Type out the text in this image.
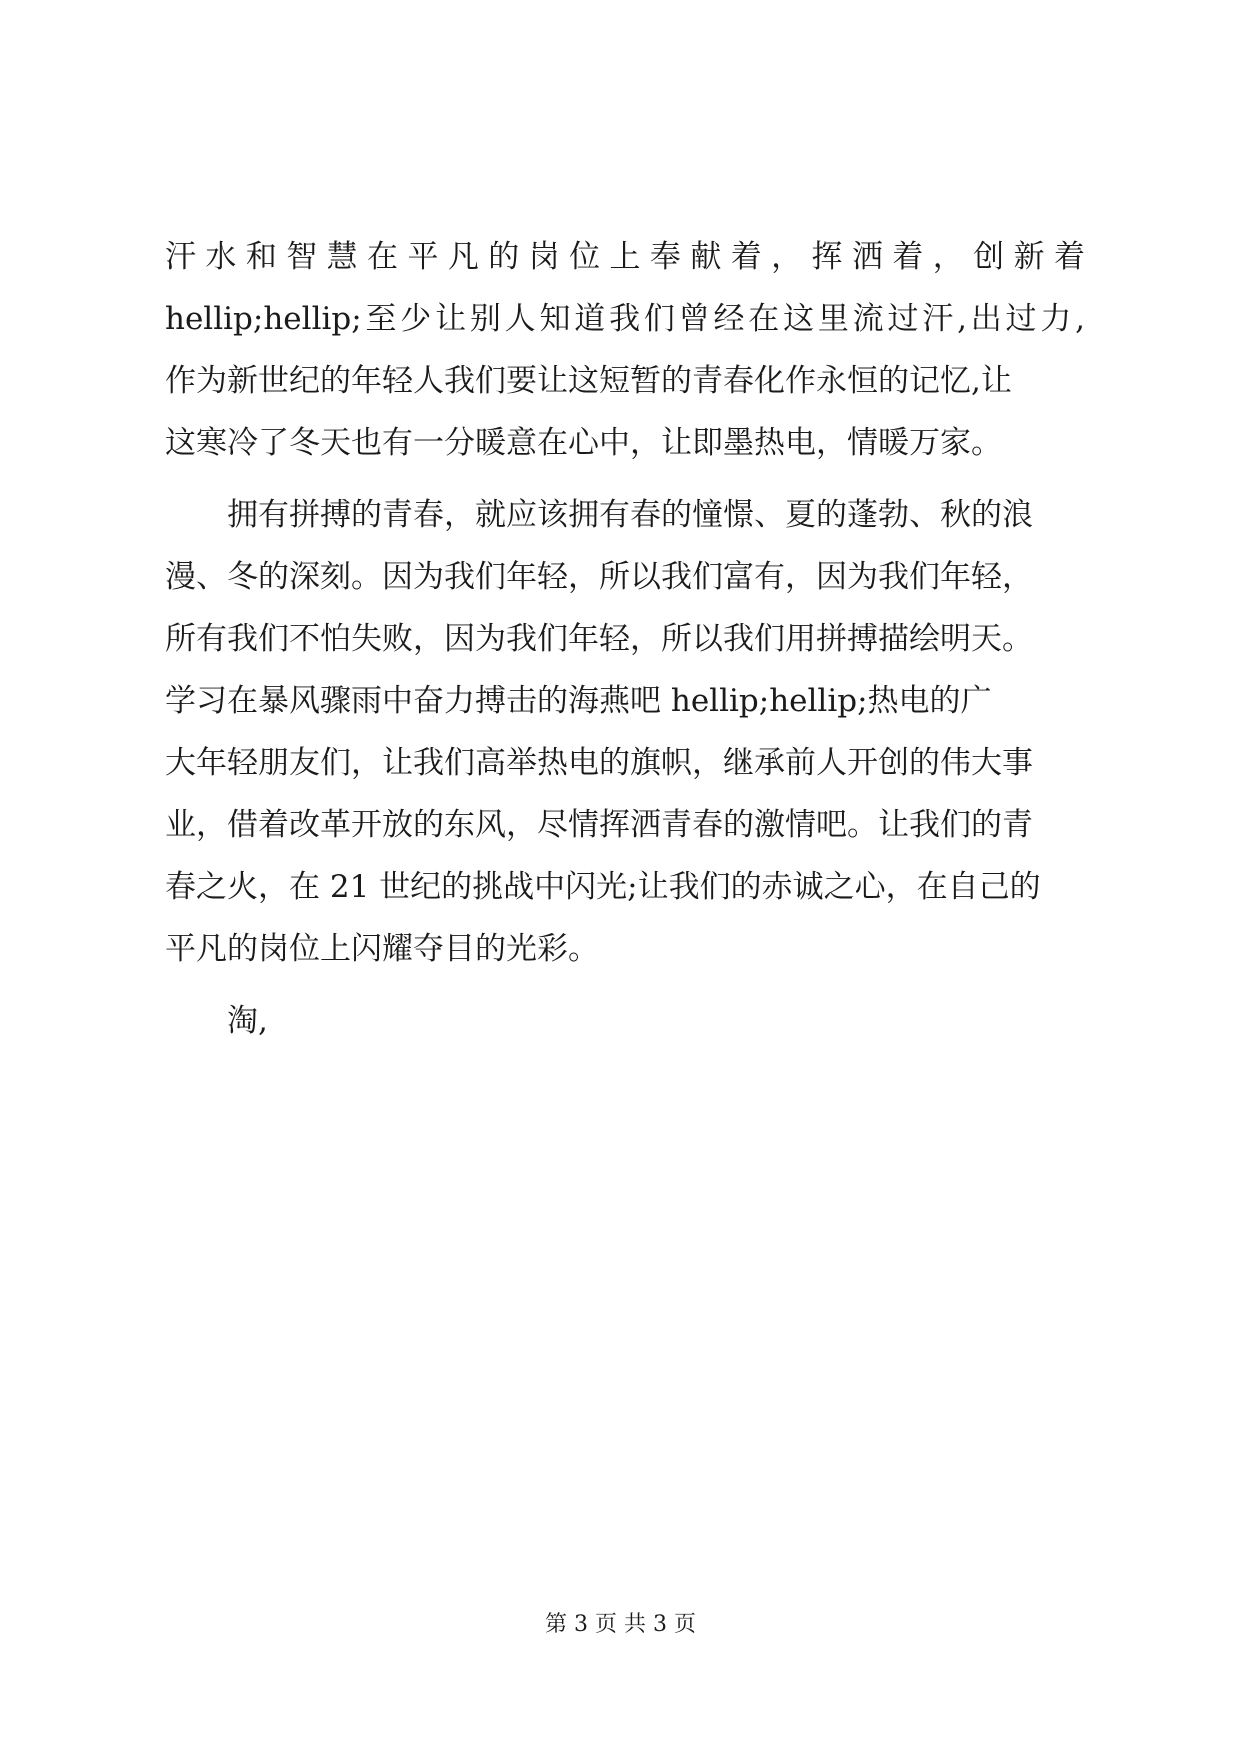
汗水和智慧在平凡的岗位上奉献着，挥洒着，创新着
hellip;hellip;至少让别人知道我们曾经在这里流过汗,出过力,
作为新世纪的年轻人我们要让这短暂的青春化作永恒的记忆,让
这寒冷了冬天也有一分暖意在心中，让即墨热电，情暖万家。
拥有拼搏的青春，就应该拥有春的憧憬、夏的蓬勃、秋的浪
漫、冬的深刻。因为我们年轻，所以我们富有，因为我们年轻，
所有我们不怕失败，因为我们年轻，所以我们用拼搏描绘明天。
学习在暴风骤雨中奋力搏击的海燕吧 hellip;hellip;热电的广
大年轻朋友们，让我们高举热电的旗帜，继承前人开创的伟大事
业，借着改革开放的东风，尽情挥洒青春的激情吧。让我们的青
春之火，在 21 世纪的挑战中闪光;让我们的赤诚之心，在自己的
平凡的岗位上闪耀夺目的光彩。
淘,
第 3 页 共 3 页
